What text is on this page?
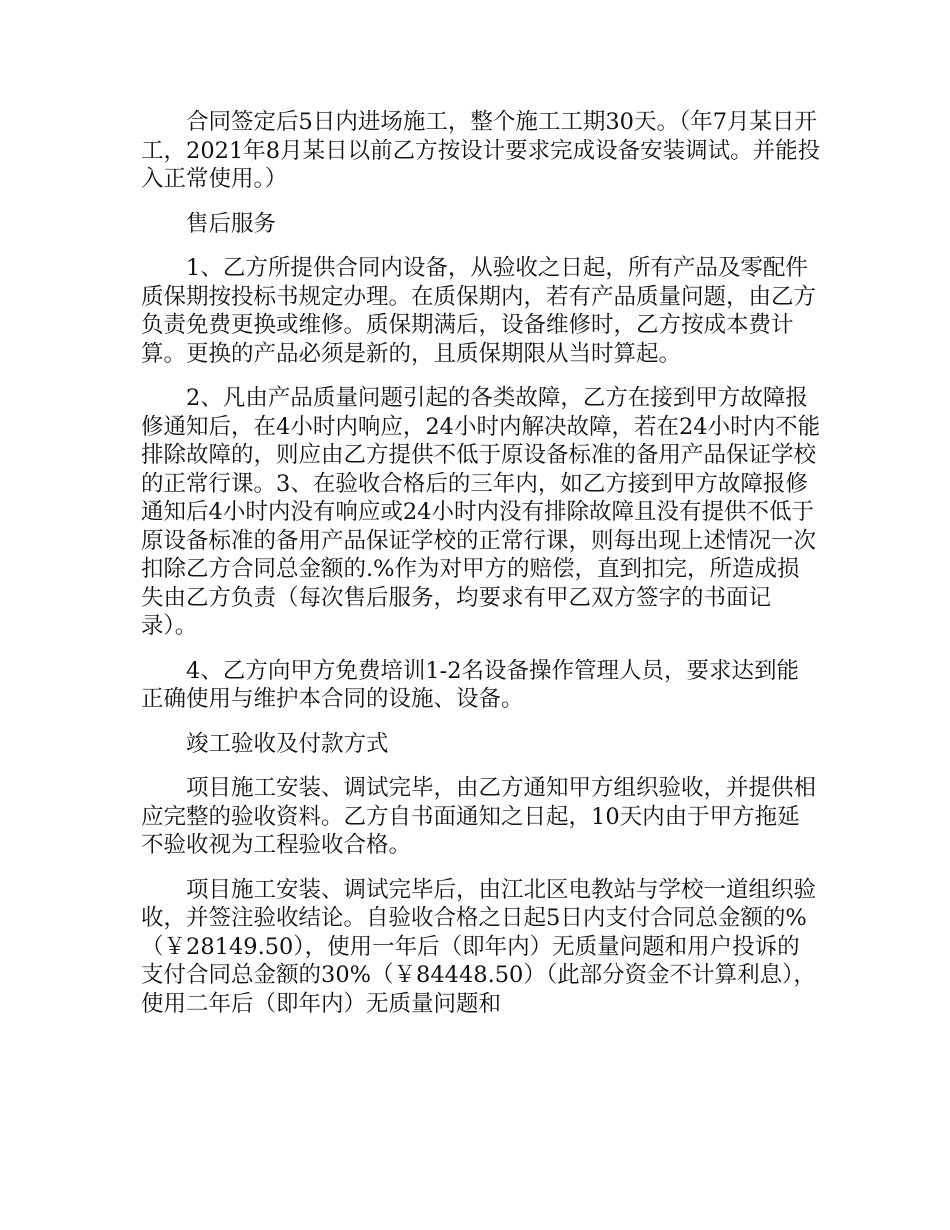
合同签定后5日内进场施工，整个施工工期30天。（年7月某日开工，2021年8月某日以前乙方按设计要求完成设备安装调试。并能投入正常使用。）

售后服务

1、乙方所提供合同内设备，从验收之日起，所有产品及零配件质保期按投标书规定办理。在质保期内，若有产品质量问题，由乙方负责免费更换或维修。质保期满后，设备维修时，乙方按成本费计算。更换的产品必须是新的，且质保期限从当时算起。

2、凡由产品质量问题引起的各类故障，乙方在接到甲方故障报修通知后，在4小时内响应，24小时内解决故障，若在24小时内不能排除故障的，则应由乙方提供不低于原设备标准的备用产品保证学校的正常行课。3、在验收合格后的三年内，如乙方接到甲方故障报修通知后4小时内没有响应或24小时内没有排除故障且没有提供不低于原设备标准的备用产品保证学校的正常行课，则每出现上述情况一次扣除乙方合同总金额的.%作为对甲方的赔偿，直到扣完，所造成损失由乙方负责（每次售后服务，均要求有甲乙双方签字的书面记录）。

4、乙方向甲方免费培训1-2名设备操作管理人员，要求达到能正确使用与维护本合同的设施、设备。

竣工验收及付款方式

项目施工安装、调试完毕，由乙方通知甲方组织验收，并提供相应完整的验收资料。乙方自书面通知之日起，10天内由于甲方拖延不验收视为工程验收合格。

项目施工安装、调试完毕后，由江北区电教站与学校一道组织验收，并签注验收结论。自验收合格之日起5日内支付合同总金额的%（￥28149.50），使用一年后（即年内）无质量问题和用户投诉的支付合同总金额的30%（￥84448.50）（此部分资金不计算利息），使用二年后（即年内）无质量问题和
